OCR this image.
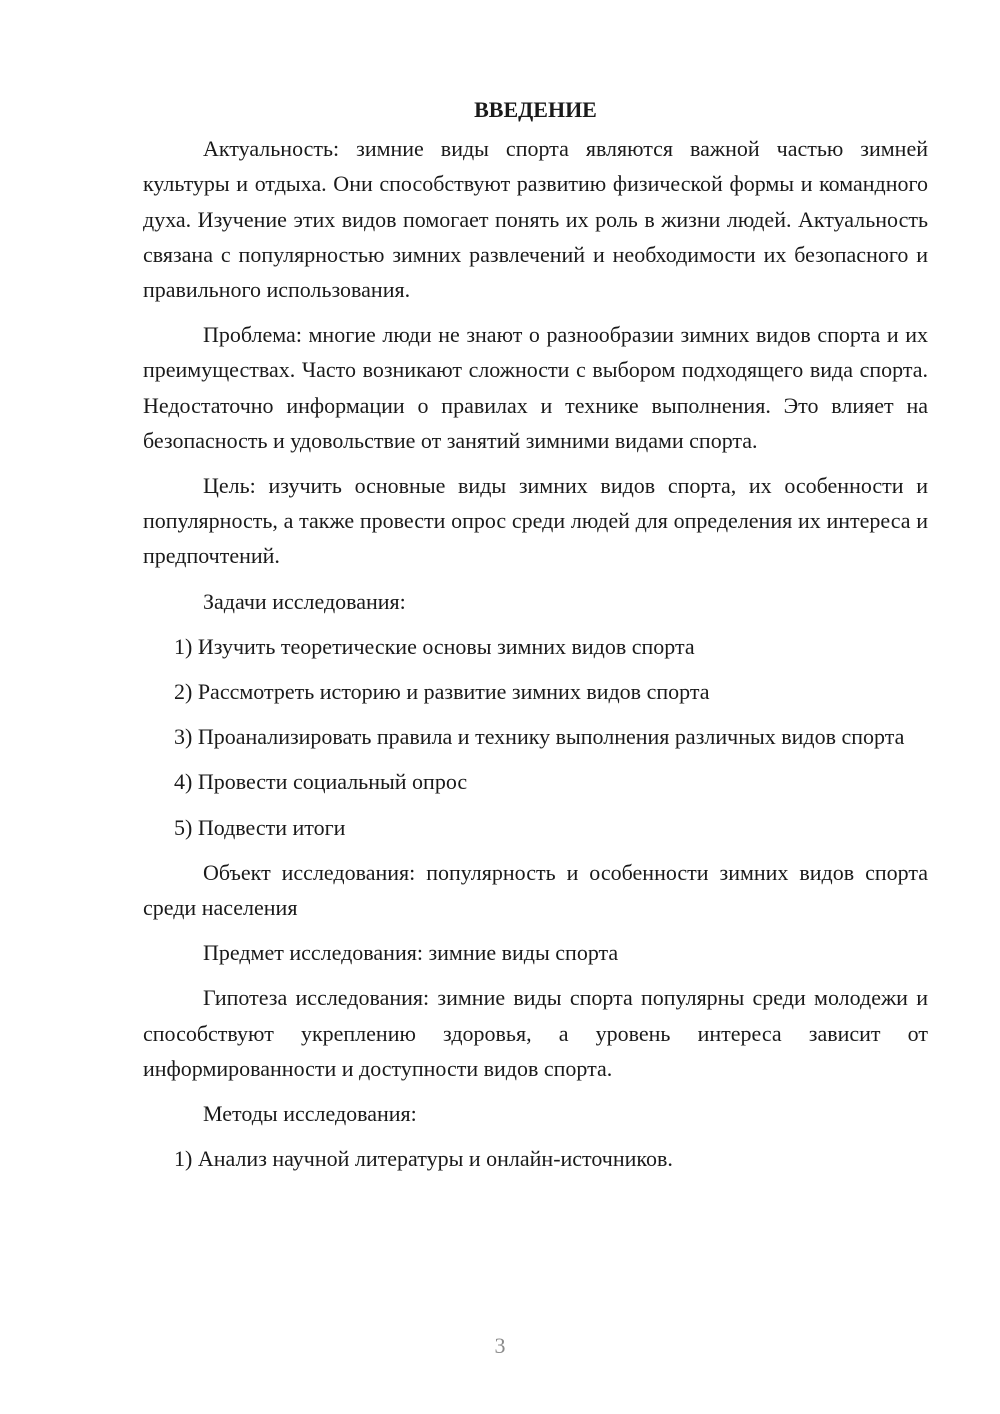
ВВЕДЕНИЕ

Актуальность: зимние виды спорта являются важной частью зимней культуры и отдыха. Они способствуют развитию физической формы и командного духа. Изучение этих видов помогает понять их роль в жизни людей. Актуальность связана с популярностью зимних развлечений и необходимости их безопасного и правильного использования.

Проблема: многие люди не знают о разнообразии зимних видов спорта и их преимуществах. Часто возникают сложности с выбором подходящего вида спорта. Недостаточно информации о правилах и технике выполнения. Это влияет на безопасность и удовольствие от занятий зимними видами спорта.

Цель: изучить основные виды зимних видов спорта, их особенности и популярность, а также провести опрос среди людей для определения их интереса и предпочтений.

Задачи исследования:

1) Изучить теоретические основы зимних видов спорта

2) Рассмотреть историю и развитие зимних видов спорта

3) Проанализировать правила и технику выполнения различных видов спорта

4) Провести социальный опрос

5) Подвести итоги

Объект исследования: популярность и особенности зимних видов спорта среди населения

Предмет исследования: зимние виды спорта

Гипотеза исследования: зимние виды спорта популярны среди молодежи и способствуют укреплению здоровья, а уровень интереса зависит от информированности и доступности видов спорта.

Методы исследования:

1) Анализ научной литературы и онлайн-источников.

3
